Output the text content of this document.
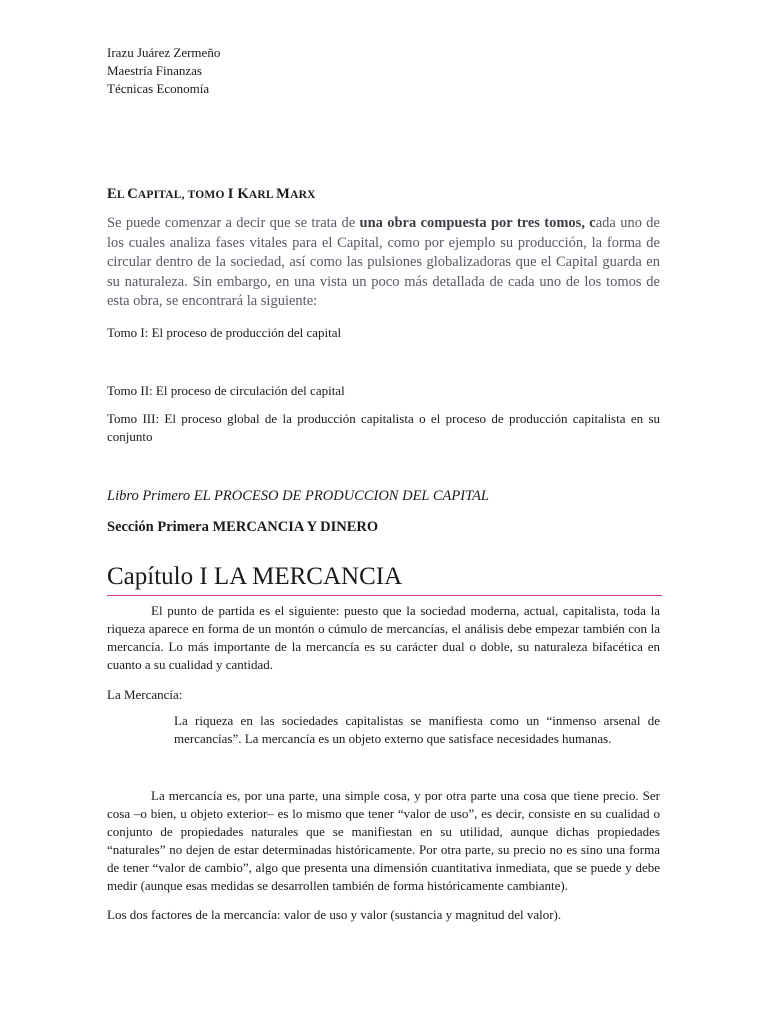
Irazu Juárez Zermeño
Maestría Finanzas
Técnicas Economía
EL CAPITAL, TOMO I KARL MARX
Se puede comenzar a decir que se trata de una obra compuesta por tres tomos, cada uno de los cuales analiza fases vitales para el Capital, como por ejemplo su producción, la forma de circular dentro de la sociedad, así como las pulsiones globalizadoras que el Capital guarda en su naturaleza. Sin embargo, en una vista un poco más detallada de cada uno de los tomos de esta obra, se encontrará la siguiente:
Tomo I: El proceso de producción del capital
Tomo II: El proceso de circulación del capital
Tomo III: El proceso global de la producción capitalista o el proceso de producción capitalista en su conjunto
Libro Primero EL PROCESO DE PRODUCCION DEL CAPITAL
Sección Primera MERCANCIA Y DINERO
Capítulo I LA MERCANCIA
El punto de partida es el siguiente: puesto que la sociedad moderna, actual, capitalista, toda la riqueza aparece en forma de un montón o cúmulo de mercancías, el análisis debe empezar también con la mercancía. Lo más importante de la mercancía es su carácter dual o doble, su naturaleza bifacética en cuanto a su cualidad y cantidad.
La Mercancía:
La riqueza en las sociedades capitalistas se manifiesta como un “inmenso arsenal de mercancías”. La mercancía es un objeto externo que satisface necesidades humanas.
La mercancía es, por una parte, una simple cosa, y por otra parte una cosa que tiene precio. Ser cosa –o bien, u objeto exterior– es lo mismo que tener “valor de uso”, es decir, consiste en su cualidad o conjunto de propiedades naturales que se manifiestan en su utilidad, aunque dichas propiedades “naturales” no dejen de estar determinadas históricamente. Por otra parte, su precio no es sino una forma de tener “valor de cambio”, algo que presenta una dimensión cuantitativa inmediata, que se puede y debe medir (aunque esas medidas se desarrollen también de forma históricamente cambiante).
Los dos factores de la mercancía: valor de uso y valor (sustancia y magnitud del valor).
